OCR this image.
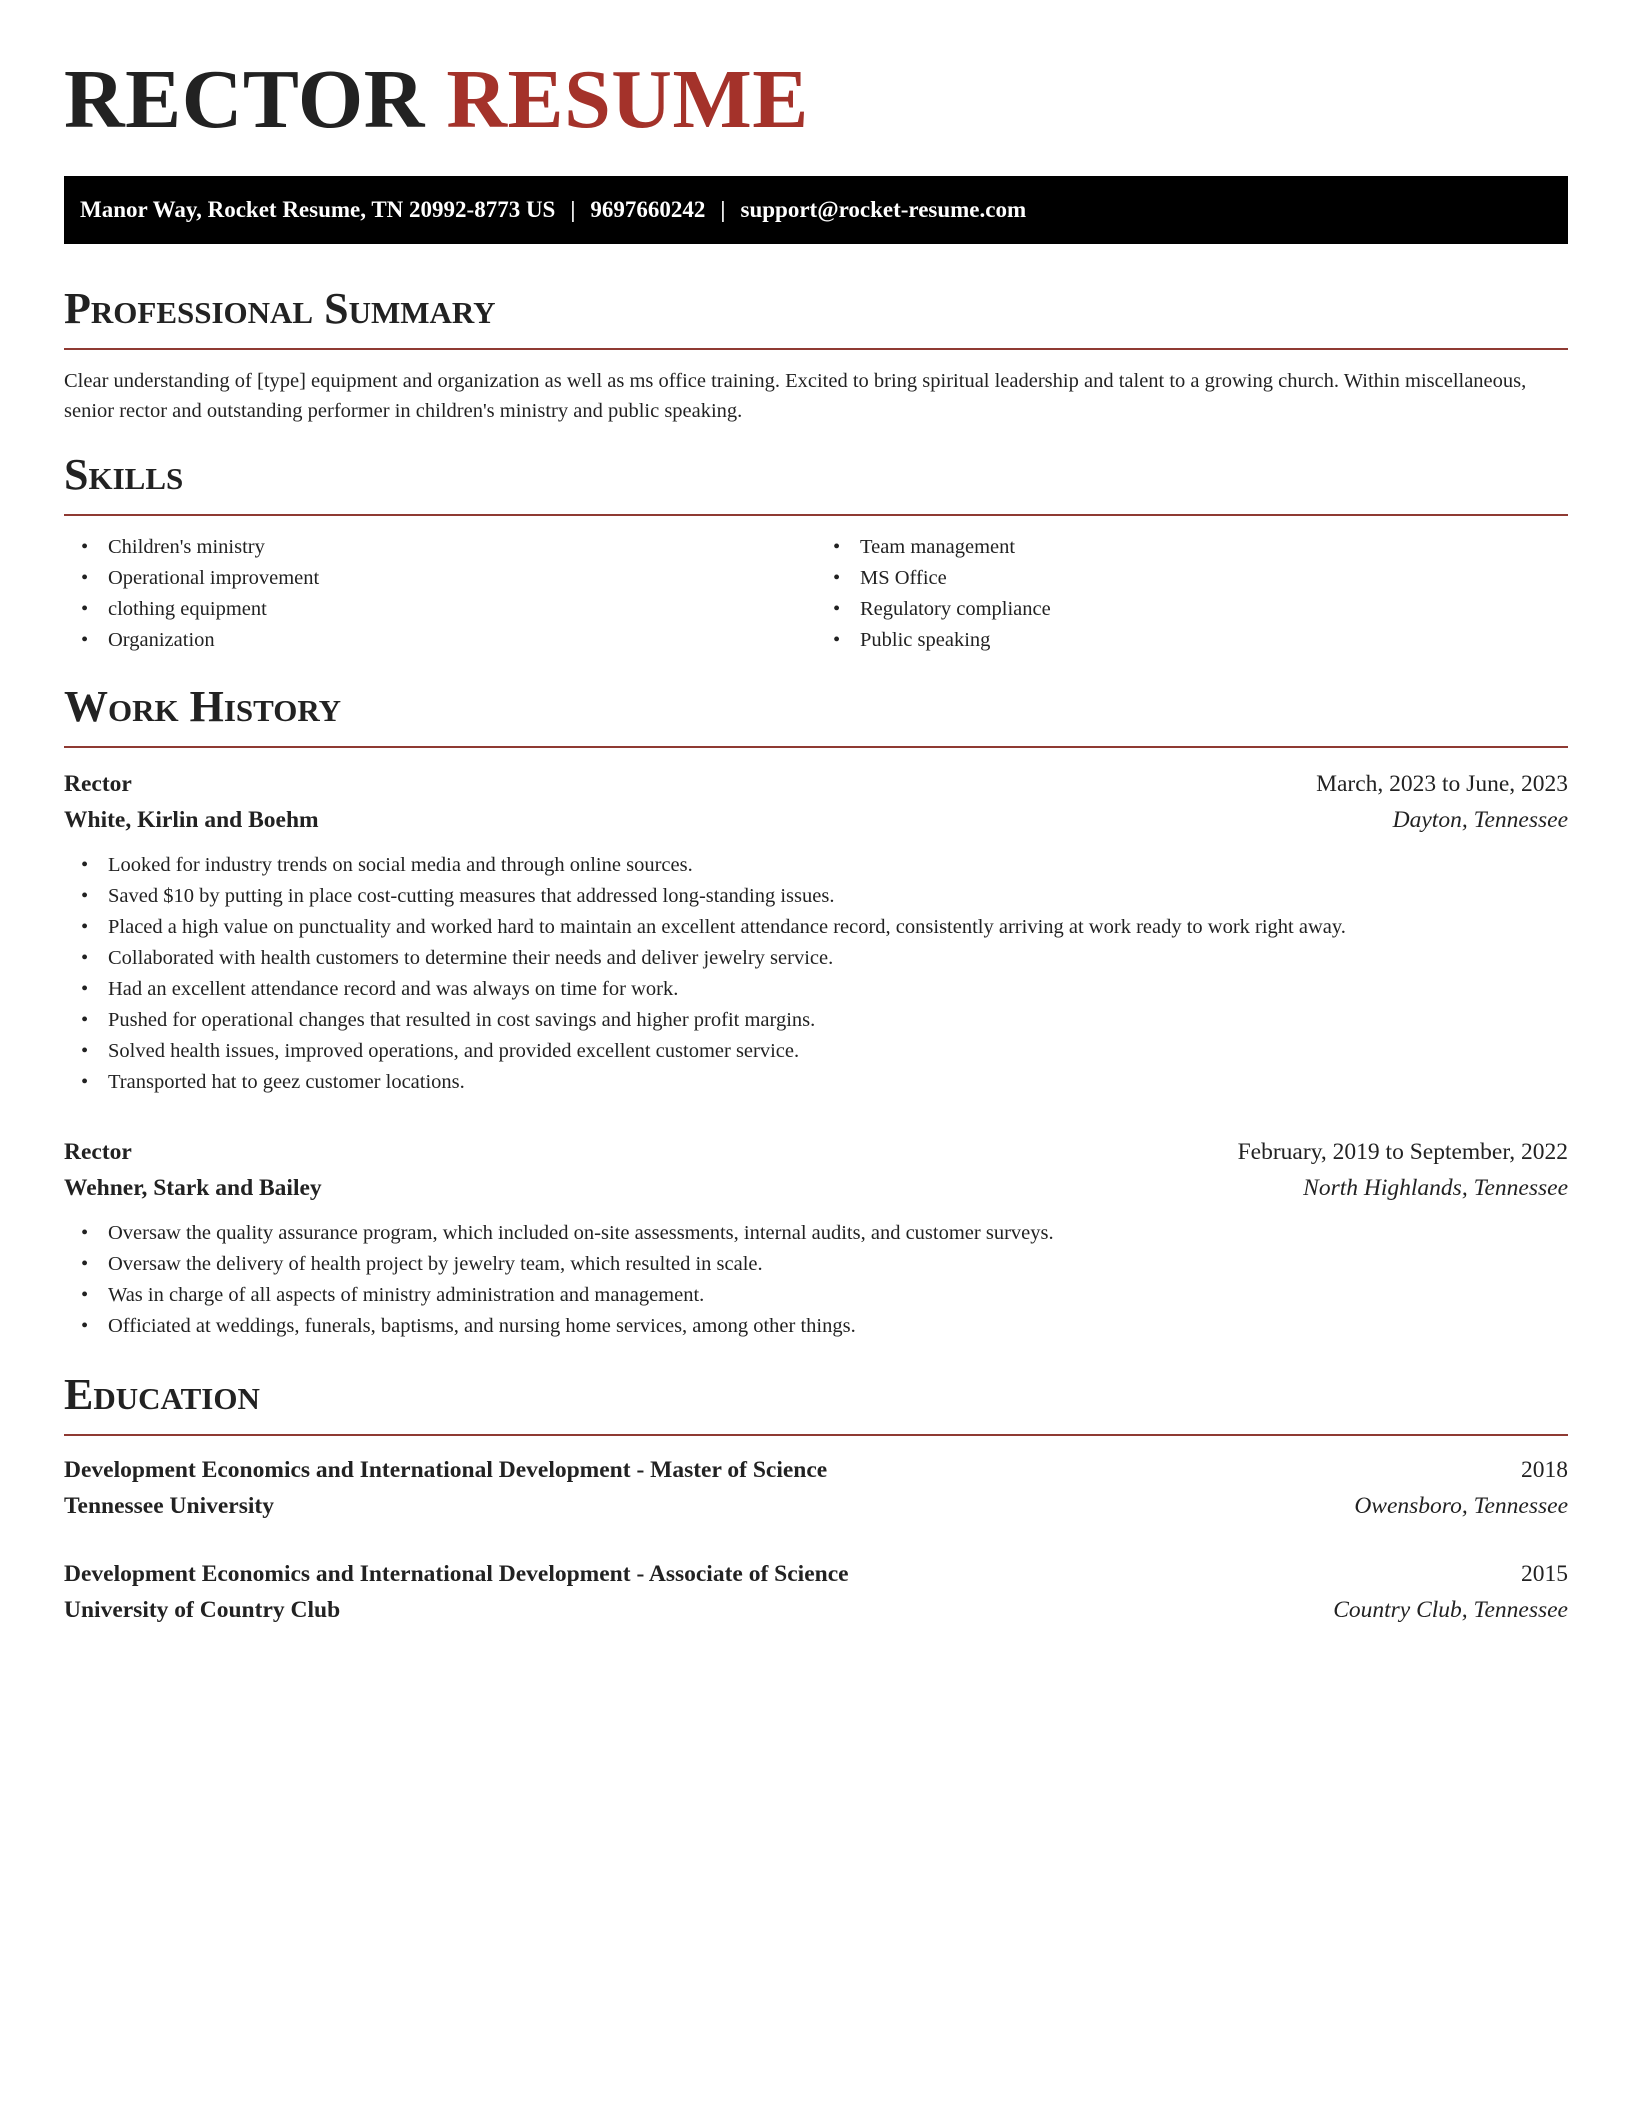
RECTOR RESUME
Manor Way, Rocket Resume, TN 20992-8773 US | 9697660242 | support@rocket-resume.com
Professional Summary
Clear understanding of [type] equipment and organization as well as ms office training. Excited to bring spiritual leadership and talent to a growing church. Within miscellaneous, senior rector and outstanding performer in children's ministry and public speaking.
Skills
• Children's ministry
• Operational improvement
• clothing equipment
• Organization
• Team management
• MS Office
• Regulatory compliance
• Public speaking
Work History
Rector	March, 2023 to June, 2023
White, Kirlin and Boehm	Dayton, Tennessee
• Looked for industry trends on social media and through online sources.
• Saved $10 by putting in place cost-cutting measures that addressed long-standing issues.
• Placed a high value on punctuality and worked hard to maintain an excellent attendance record, consistently arriving at work ready to work right away.
• Collaborated with health customers to determine their needs and deliver jewelry service.
• Had an excellent attendance record and was always on time for work.
• Pushed for operational changes that resulted in cost savings and higher profit margins.
• Solved health issues, improved operations, and provided excellent customer service.
• Transported hat to geez customer locations.
Rector	February, 2019 to September, 2022
Wehner, Stark and Bailey	North Highlands, Tennessee
• Oversaw the quality assurance program, which included on-site assessments, internal audits, and customer surveys.
• Oversaw the delivery of health project by jewelry team, which resulted in scale.
• Was in charge of all aspects of ministry administration and management.
• Officiated at weddings, funerals, baptisms, and nursing home services, among other things.
Education
Development Economics and International Development - Master of Science	2018
Tennessee University	Owensboro, Tennessee
Development Economics and International Development - Associate of Science	2015
University of Country Club	Country Club, Tennessee
